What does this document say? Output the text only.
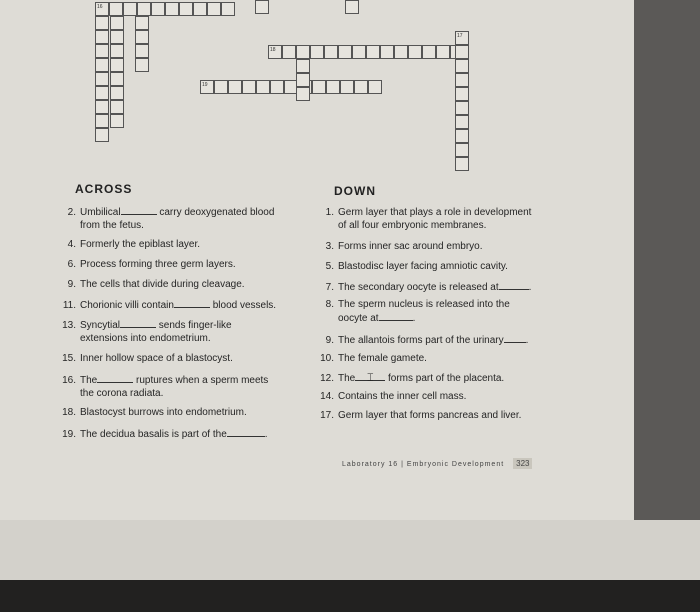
16
18
17
19
ACROSS
2. Umbilical	carry deoxygenated blood
from the fetus.
4. Formerly the epiblast layer.
6. Process forming three germ layers.
9. The cells that divide during cleavage.
11. Chorionic villi contain	blood vessels.
13. Syncytial	sends finger-like
extensions into endometrium.
15. Inner hollow space of a blastocyst.
16. The	ruptures when a sperm meets
the corona radiata.
18. Blastocyst burrows into endometrium.
19. The decidua basalis is part of the	.
DOWN
1. Germ layer that plays a role in development
of all four embryonic membranes.
3. Forms inner sac around embryo.
5. Blastodisc layer facing amniotic cavity.
7. The secondary oocyte is released at	.
8. The sperm nucleus is released into the
oocyte at	.
9. The allantois forms part of the urinary .
10. The female gamete.
12. The	forms part of the placenta.
14. Contains the inner cell mass.
17. Germ layer that forms pancreas and liver.
⌶
Laboratory 16 | Embryonic Development 323
